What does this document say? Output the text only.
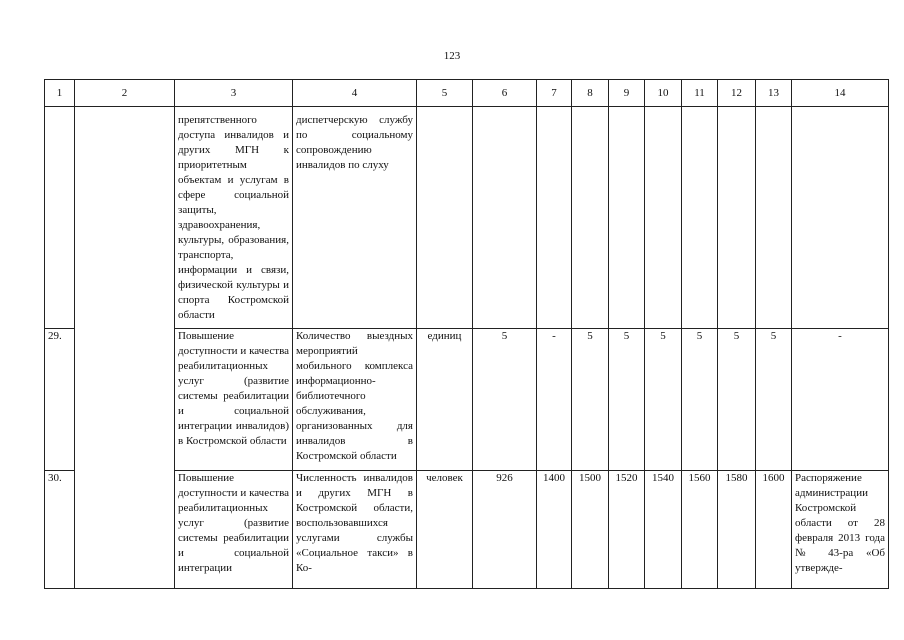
123
1	2	3	4	5	6	7	8	9	10	11	12	13	14
		препятственного доступа инвалидов и других МГН к приоритетным объектам и услугам в сфере социальной защиты, здравоохранения, культуры, образования, транспорта, информации и связи, физической культуры и спорта Костромской области	диспетчерскую службу по социальному сопровождению инвалидов по слуху										
29.		Повышение доступности и качества реабилитационных услуг (развитие системы реабилитации и социальной интеграции инвалидов) в Костромской области	Количество выездных мероприятий мобильного комплекса информационно-библиотечного обслуживания, организованных для инвалидов в Костромской области	единиц	5	-	5	5	5	5	5	5	-
30.		Повышение доступности и качества реабилитационных услуг (развитие системы реабилитации и социальной интеграции	Численность инвалидов и других МГН в Костромской области, воспользовавшихся услугами службы «Социальное такси» в Ко-	человек	926	1400	1500	1520	1540	1560	1580	1600	Распоряжение администрации Костромской области от 28 февраля 2013 года № 43-ра «Об утвержде-
